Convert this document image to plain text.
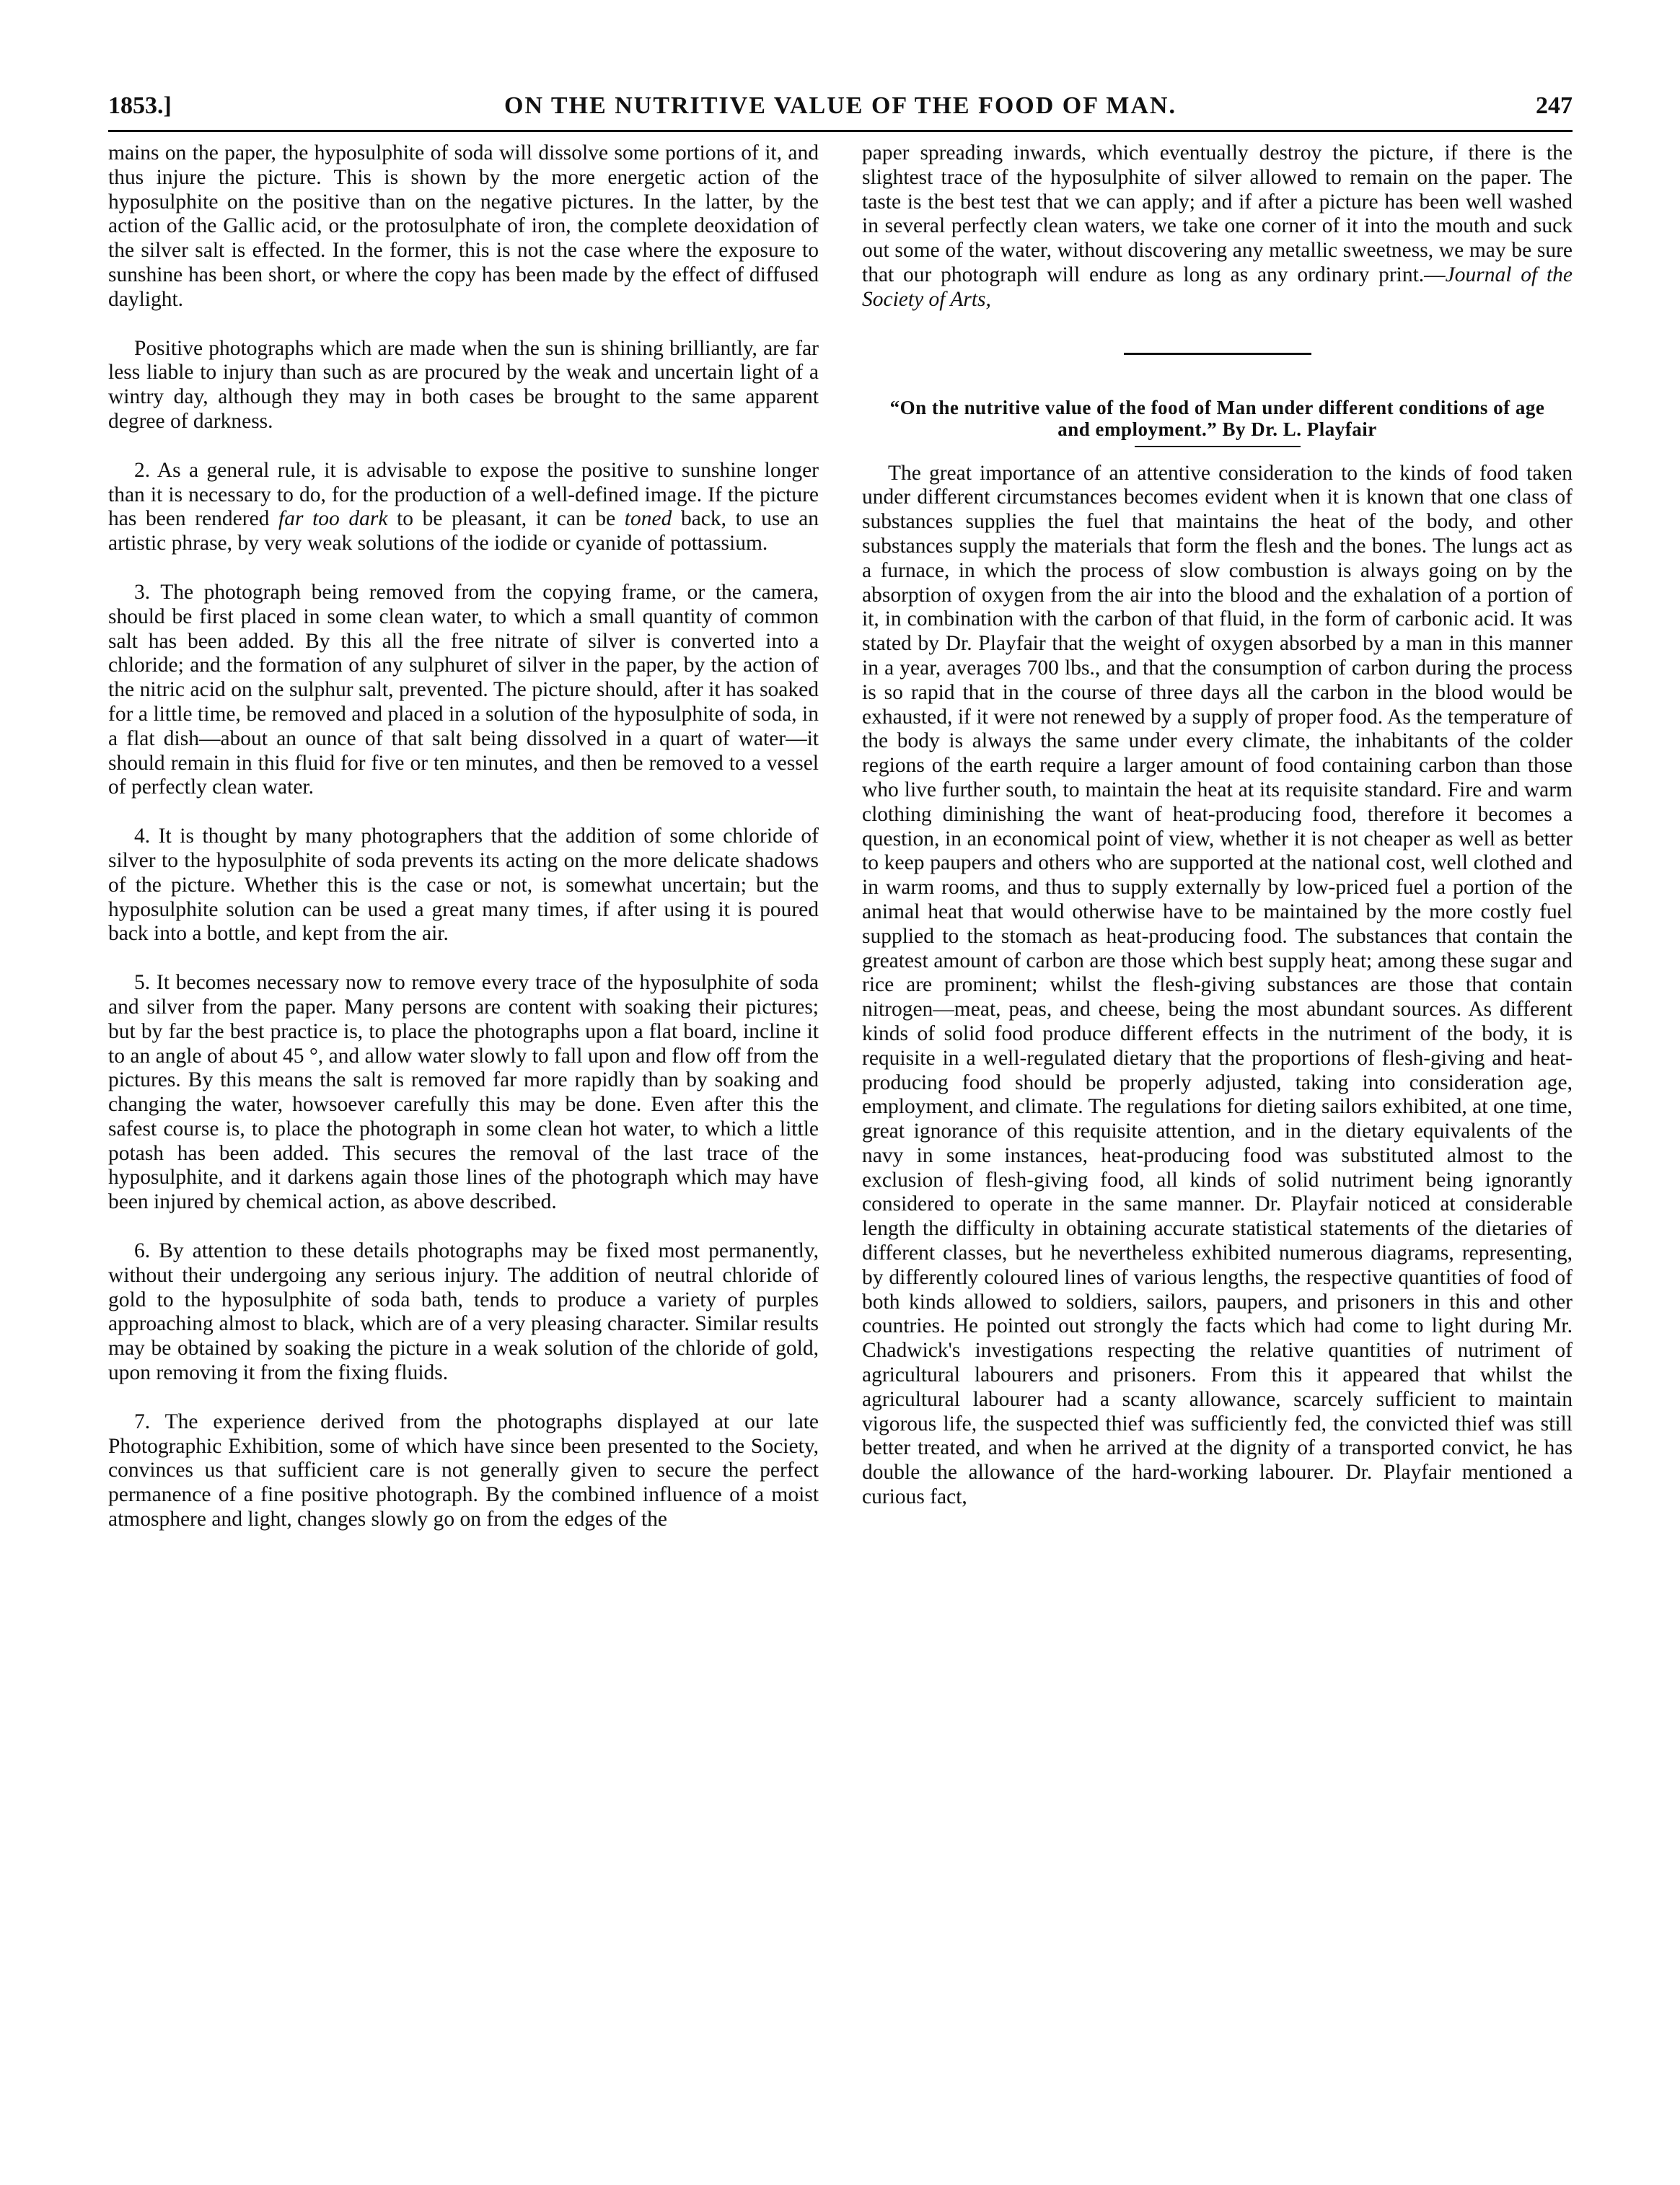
1853.]	ON THE NUTRITIVE VALUE OF THE FOOD OF MAN.	247

mains on the paper, the hyposulphite of soda will dissolve some portions of it, and thus injure the picture. This is shown by the more energetic action of the hyposulphite on the positive than on the negative pictures. In the latter, by the action of the Gallic acid, or the protosulphate of iron, the complete deoxidation of the silver salt is effected. In the former, this is not the case where the exposure to sunshine has been short, or where the copy has been made by the effect of diffused daylight.

Positive photographs which are made when the sun is shining brilliantly, are far less liable to injury than such as are procured by the weak and uncertain light of a wintry day, although they may in both cases be brought to the same apparent degree of darkness.

2. As a general rule, it is advisable to expose the positive to sunshine longer than it is necessary to do, for the production of a well-defined image. If the picture has been rendered far too dark to be pleasant, it can be toned back, to use an artistic phrase, by very weak solutions of the iodide or cyanide of pottassium.

3. The photograph being removed from the copying frame, or the camera, should be first placed in some clean water, to which a small quantity of common salt has been added. By this all the free nitrate of silver is converted into a chloride; and the formation of any sulphuret of silver in the paper, by the action of the nitric acid on the sulphur salt, prevented. The picture should, after it has soaked for a little time, be removed and placed in a solution of the hyposulphite of soda, in a flat dish—about an ounce of that salt being dissolved in a quart of water—it should remain in this fluid for five or ten minutes, and then be removed to a vessel of perfectly clean water.

4. It is thought by many photographers that the addition of some chloride of silver to the hyposulphite of soda prevents its acting on the more delicate shadows of the picture. Whether this is the case or not, is somewhat uncertain; but the hyposulphite solution can be used a great many times, if after using it is poured back into a bottle, and kept from the air.

5. It becomes necessary now to remove every trace of the hyposulphite of soda and silver from the paper. Many persons are content with soaking their pictures; but by far the best practice is, to place the photographs upon a flat board, incline it to an angle of about 45 °, and allow water slowly to fall upon and flow off from the pictures. By this means the salt is removed far more rapidly than by soaking and changing the water, howsoever carefully this may be done. Even after this the safest course is, to place the photograph in some clean hot water, to which a little potash has been added. This secures the removal of the last trace of the hyposulphite, and it darkens again those lines of the photograph which may have been injured by chemical action, as above described.

6. By attention to these details photographs may be fixed most permanently, without their undergoing any serious injury. The addition of neutral chloride of gold to the hyposulphite of soda bath, tends to produce a variety of purples approaching almost to black, which are of a very pleasing character. Similar results may be obtained by soaking the picture in a weak solution of the chloride of gold, upon removing it from the fixing fluids.

7. The experience derived from the photographs displayed at our late Photographic Exhibition, some of which have since been presented to the Society, convinces us that sufficient care is not generally given to secure the perfect permanence of a fine positive photograph. By the combined influence of a moist atmosphere and light, changes slowly go on from the edges of the

paper spreading inwards, which eventually destroy the picture, if there is the slightest trace of the hyposulphite of silver allowed to remain on the paper. The taste is the best test that we can apply; and if after a picture has been well washed in several perfectly clean waters, we take one corner of it into the mouth and suck out some of the water, without discovering any metallic sweetness, we may be sure that our photograph will endure as long as any ordinary print.—Journal of the Society of Arts,

“On the nutritive value of the food of Man under different conditions of age and employment.” By Dr. L. Playfair

The great importance of an attentive consideration to the kinds of food taken under different circumstances becomes evident when it is known that one class of substances supplies the fuel that maintains the heat of the body, and other substances supply the materials that form the flesh and the bones. The lungs act as a furnace, in which the process of slow combustion is always going on by the absorption of oxygen from the air into the blood and the exhalation of a portion of it, in combination with the carbon of that fluid, in the form of carbonic acid. It was stated by Dr. Playfair that the weight of oxygen absorbed by a man in this manner in a year, averages 700 lbs., and that the consumption of carbon during the process is so rapid that in the course of three days all the carbon in the blood would be exhausted, if it were not renewed by a supply of proper food. As the temperature of the body is always the same under every climate, the inhabitants of the colder regions of the earth require a larger amount of food containing carbon than those who live further south, to maintain the heat at its requisite standard. Fire and warm clothing diminishing the want of heat-producing food, therefore it becomes a question, in an economical point of view, whether it is not cheaper as well as better to keep paupers and others who are supported at the national cost, well clothed and in warm rooms, and thus to supply externally by low-priced fuel a portion of the animal heat that would otherwise have to be maintained by the more costly fuel supplied to the stomach as heat-producing food. The substances that contain the greatest amount of carbon are those which best supply heat; among these sugar and rice are prominent; whilst the flesh-giving substances are those that contain nitrogen—meat, peas, and cheese, being the most abundant sources. As different kinds of solid food produce different effects in the nutriment of the body, it is requisite in a well-regulated dietary that the proportions of flesh-giving and heat-producing food should be properly adjusted, taking into consideration age, employment, and climate. The regulations for dieting sailors exhibited, at one time, great ignorance of this requisite attention, and in the dietary equivalents of the navy in some instances, heat-producing food was substituted almost to the exclusion of flesh-giving food, all kinds of solid nutriment being ignorantly considered to operate in the same manner. Dr. Playfair noticed at considerable length the difficulty in obtaining accurate statistical statements of the dietaries of different classes, but he nevertheless exhibited numerous diagrams, representing, by differently coloured lines of various lengths, the respective quantities of food of both kinds allowed to soldiers, sailors, paupers, and prisoners in this and other countries. He pointed out strongly the facts which had come to light during Mr. Chadwick's investigations respecting the relative quantities of nutriment of agricultural labourers and prisoners. From this it appeared that whilst the agricultural labourer had a scanty allowance, scarcely sufficient to maintain vigorous life, the suspected thief was sufficiently fed, the convicted thief was still better treated, and when he arrived at the dignity of a transported convict, he has double the allowance of the hard-working labourer. Dr. Playfair mentioned a curious fact,
